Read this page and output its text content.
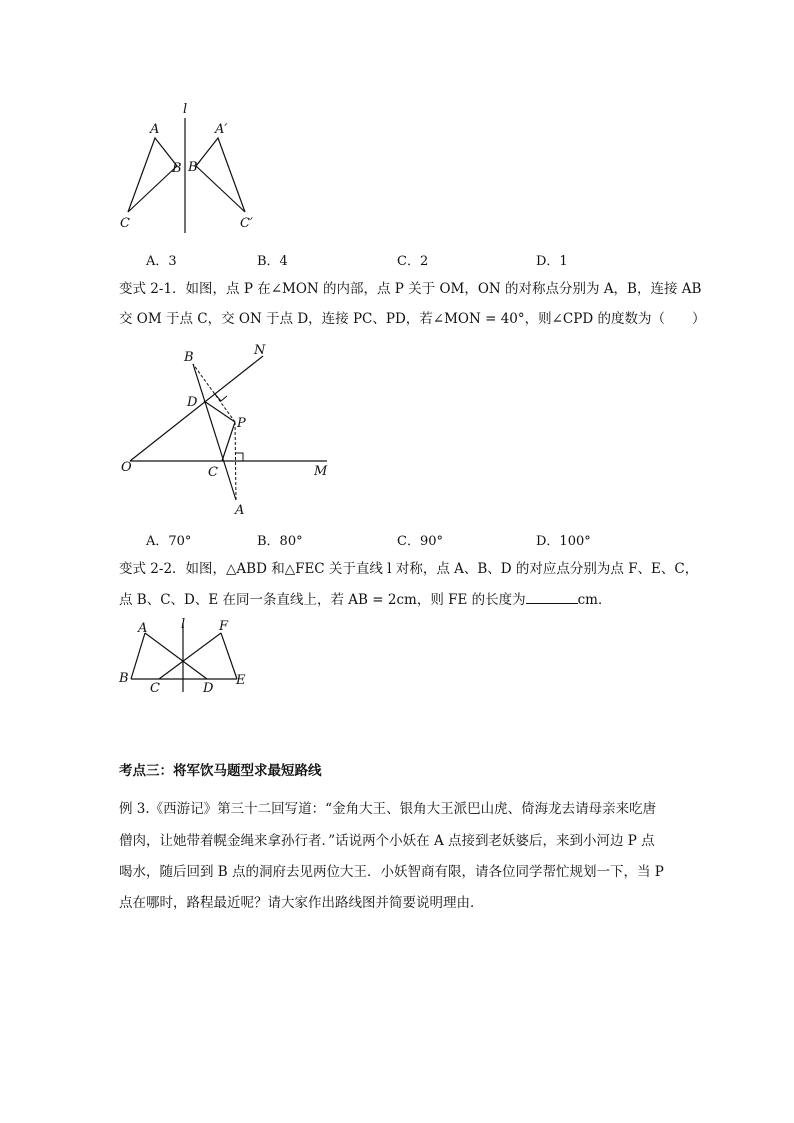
l
A
B
C
A′
B′
C′
A．3	B．4	C．2	D．1
变式 2-1．如图，点 P 在∠MON 的内部，点 P 关于 OM，ON 的对称点分别为 A，B，连接 AB
交 OM 于点 C，交 ON 于点 D，连接 PC、PD，若∠MON = 40°，则∠CPD 的度数为（　　）
B	N
D
P
O	C	M
A
A．70°	B．80°	C．90°	D．100°
变式 2-2．如图，△ABD 和△FEC 关于直线 l 对称，点 A、B、D 的对应点分别为点 F、E、C，
点 B、C、D、E 在同一条直线上，若 AB = 2cm，则 FE 的长度为	cm．
A	l	F
B
C	D
E
考点三：将军饮马题型求最短路线
例 3.《西游记》第三十二回写道：“金角大王、银角大王派巴山虎、倚海龙去请母亲来吃唐
僧肉，让她带着幌金绳来拿孙行者．”话说两个小妖在 A 点接到老妖婆后，来到小河边 P 点
喝水，随后回到 B 点的洞府去见两位大王．小妖智商有限，请各位同学帮忙规划一下，当 P
点在哪时，路程最近呢？请大家作出路线图并简要说明理由．
